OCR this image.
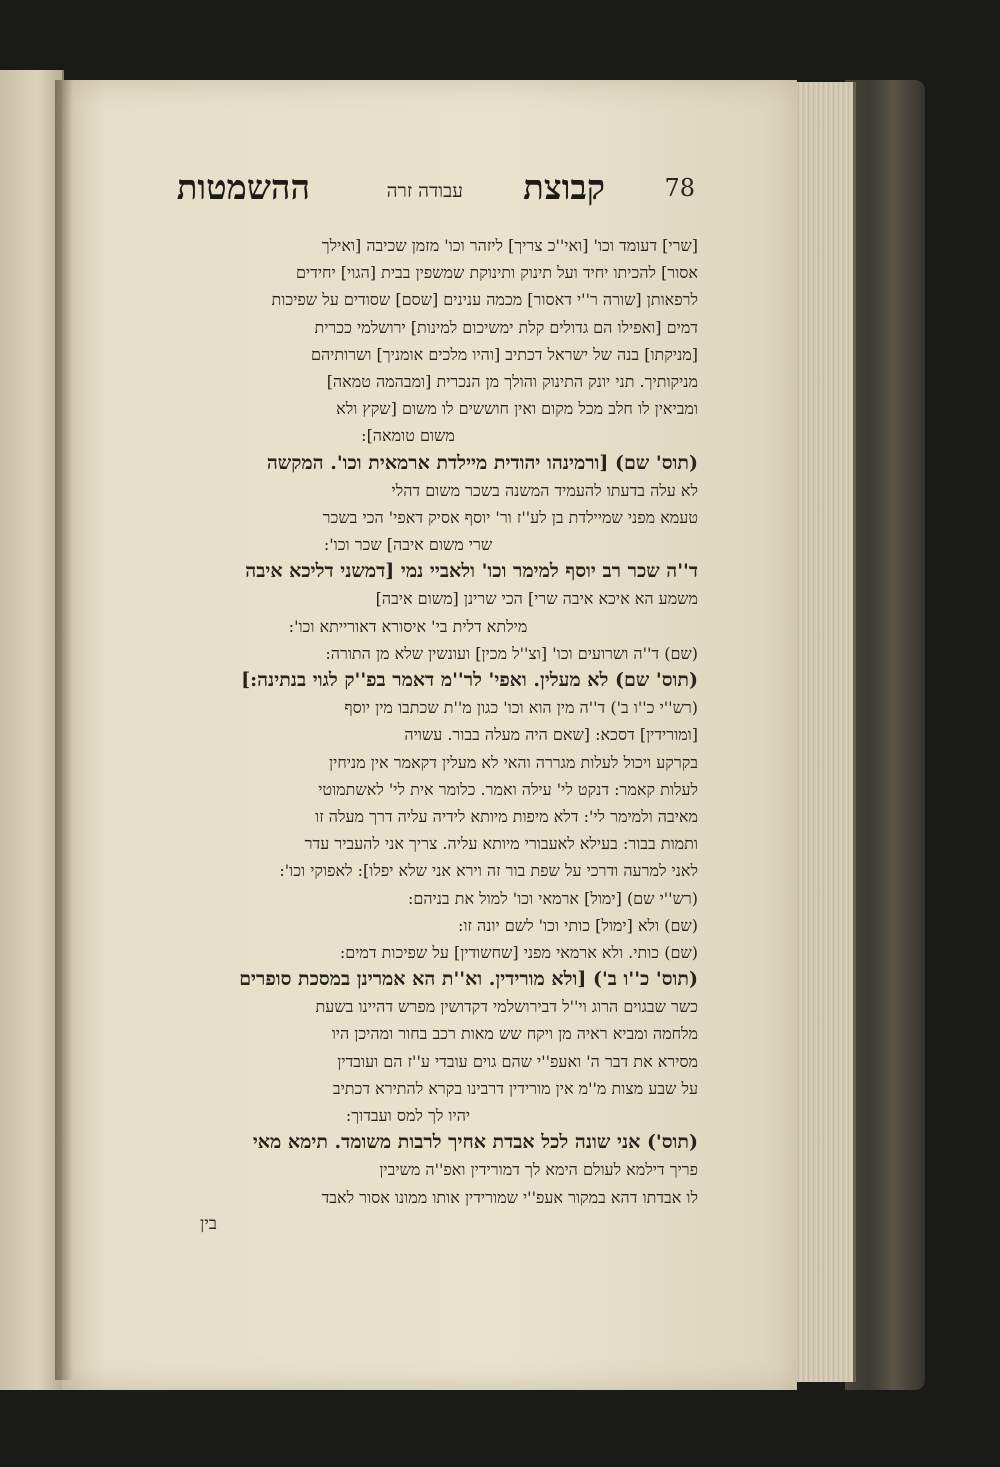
78
קבוצת
עבודה זרה
ההשמטות
[שרי] דעומד וכו' [ואי''כ צריך] ליזהר וכו' מזמן שכיבה [ואילך
אסור] להכיתו יחיד ועל תינוק ותינוקת שמשפין בבית [הגוי] יחידים
לרפאותן [שורה ר''י דאסור] מכמה ענינים [שסם] שסודים על שפיכות
דמים [ואפילו הם גדולים קלת ימשיכום למינות] ירושלמי ככרית
[מניקתו] בנה של ישראל דכתיב [והיו מלכים אומניך] ושרותיהם
מניקותיך. תני יונק התינוק והולך מן הנכרית [ומבהמה טמאה]
ומביאין לו חלב מכל מקום ואין חוששים לו משום [שקץ ולא
משום טומאה]:
(תוס' שם) [ורמינהו יהודית מיילדת ארמאית וכו'. המקשה
לא עלה בדעתו להעמיד המשנה בשכר משום דהלי
טעמא מפני שמיילדת בן לע''ז ור' יוסף אסיק דאפי' הכי בשכר
שרי משום איבה] שכר וכו':
ד''ה שכר רב יוסף למימר וכו' ולאביי נמי [דמשני דליכא איבה
משמע הא איכא איבה שרי] הכי שרינן [משום איבה]
מילתא דלית בי' איסורא דאורייתא וכו':
(שם) ד''ה ושרועים וכו' [וצ''ל מכין] ועונשין שלא מן התורה:
(תוס' שם) לא מעלין. ואפי' לר''מ דאמר בפ''ק לגוי בנתינה:]
(רש''י כ''ו ב') ד''ה מין הוא וכו' כגון מ''ת שכתבו מין יוסף
[ומורידין] דסכא: [שאם היה מעלה בבור. עשויה
בקרקע ויכול לעלות מגררה והאי לא מעלין דקאמר אין מניחין
לעלות קאמר: דנקט לי' עילה ואמר. כלומר אית לי' לאשתמוטי
מאיבה ולמימר לי': דלא מיפות מיותא לידיה עליה דרך מעלה זו
ותמות בבור: בעילא לאעבורי מיותא עליה. צריך אני להעביר עדר
לאני למרעה ודרכי על שפת בור זה וירא אני שלא יפלו]: לאפוקי וכו':
(רש''י שם) [ימול] ארמאי וכו' למול את בניהם:
(שם) ולא [ימול] כותי וכו' לשם יונה זו:
(שם) כותי. ולא ארמאי מפני [שחשודין] על שפיכות דמים:
(תוס' כ''ו ב') [ולא מורידין. וא''ת הא אמרינן במסכת סופרים
כשר שבגוים הרוג וי''ל דבירושלמי דקדושין מפרש דהיינו בשעת
מלחמה ומביא ראיה מן ויקח שש מאות רכב בחור ומהיכן היו
מסירא את דבר ה' ואעפ''י שהם גוים עובדי ע''ז הם ועובדין
על שבע מצות מ''מ אין מורידין דרבינו בקרא להתירא דכתיב
יהיו לך למס ועבדוך:
(תוס') אני שונה לכל אבדת אחיך לרבות משומד. תימא מאי
פריך דילמא לעולם הימא לך דמורידין ואפ''ה משיבין
לו אבדתו דהא במקור אעפ''י שמורידין אותו ממונו אסור לאבד
בין
